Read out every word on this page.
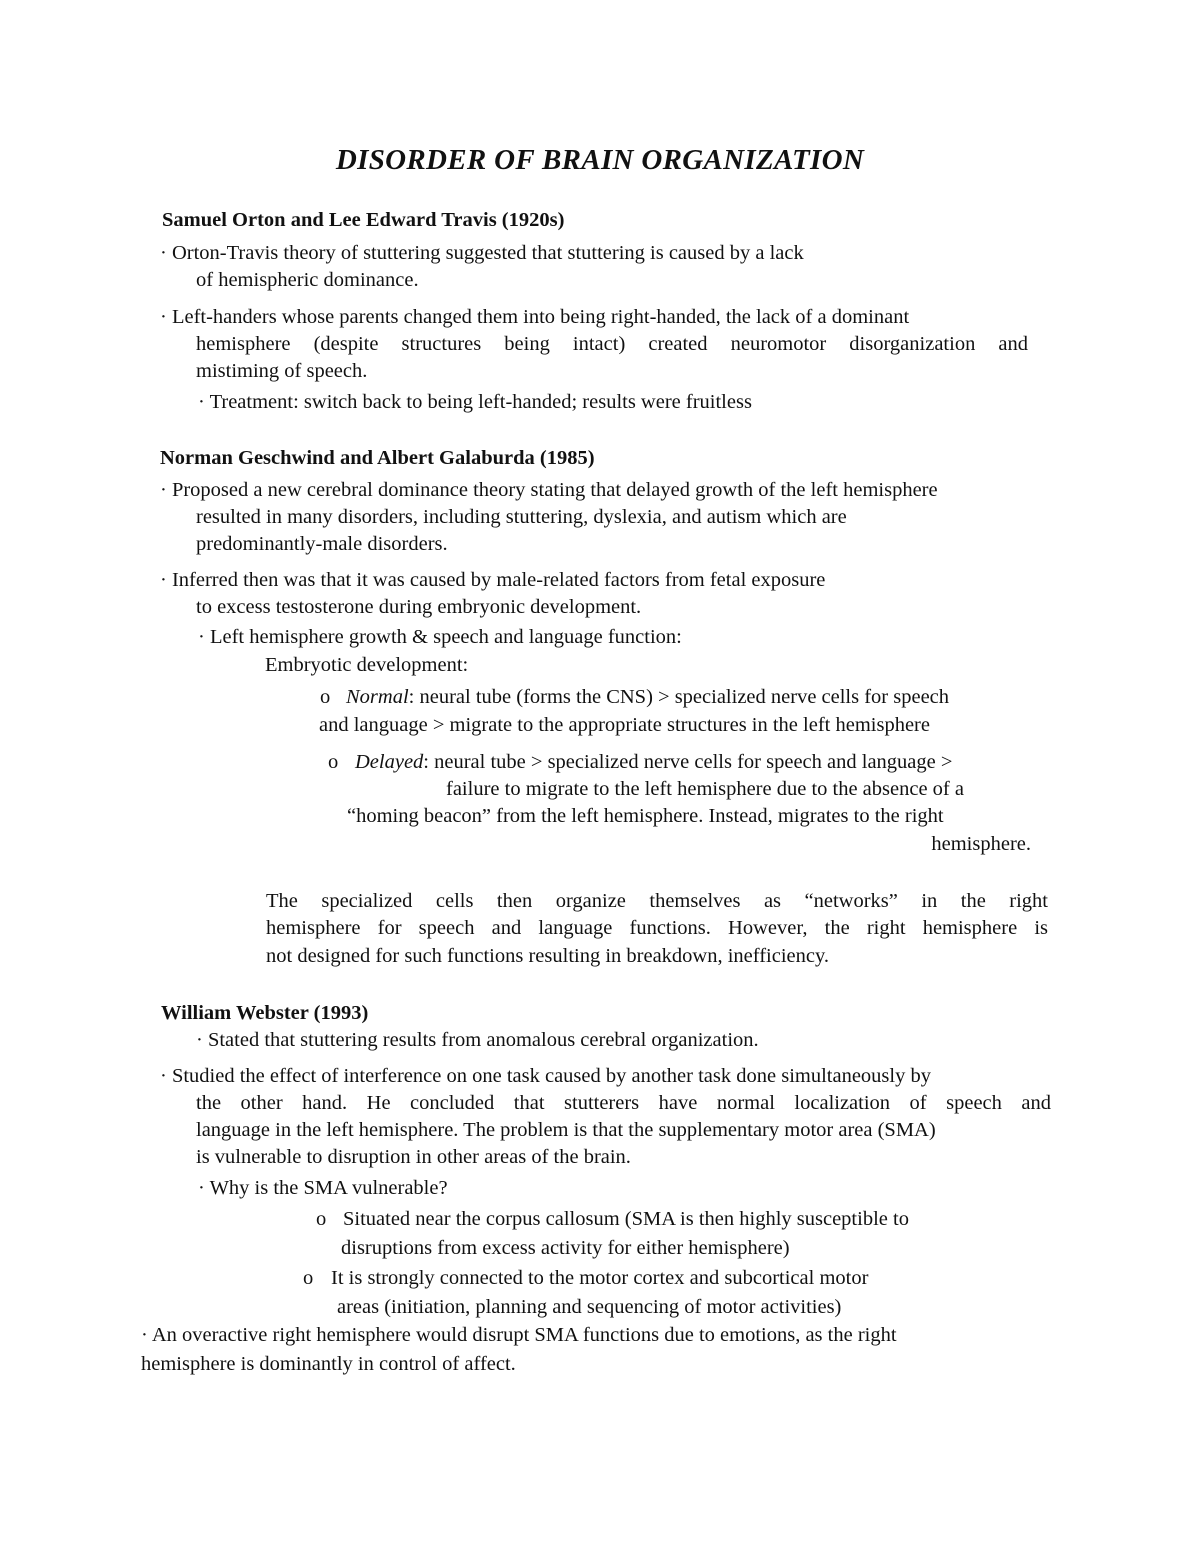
DISORDER OF BRAIN ORGANIZATION
Samuel Orton and Lee Edward Travis (1920s)
· Orton-Travis theory of stuttering suggested that stuttering is caused by a lack
of hemispheric dominance.
· Left-handers whose parents changed them into being right-handed, the lack of a dominant
hemisphere (despite structures being intact) created neuromotor disorganization and
mistiming of speech.
· Treatment: switch back to being left-handed; results were fruitless
Norman Geschwind and Albert Galaburda (1985)
· Proposed a new cerebral dominance theory stating that delayed growth of the left hemisphere
resulted in many disorders, including stuttering, dyslexia, and autism which are
predominantly-male disorders.
· Inferred then was that it was caused by male-related factors from fetal exposure
to excess testosterone during embryonic development.
· Left hemisphere growth & speech and language function:
Embryotic development:
o Normal: neural tube (forms the CNS) > specialized nerve cells for speech
and language > migrate to the appropriate structures in the left hemisphere
o Delayed: neural tube > specialized nerve cells for speech and language >
failure to migrate to the left hemisphere due to the absence of a
“homing beacon” from the left hemisphere. Instead, migrates to the right
hemisphere.
The specialized cells then organize themselves as “networks” in the right
hemisphere for speech and language functions. However, the right hemisphere is
not designed for such functions resulting in breakdown, inefficiency.
William Webster (1993)
· Stated that stuttering results from anomalous cerebral organization.
· Studied the effect of interference on one task caused by another task done simultaneously by
the other hand. He concluded that stutterers have normal localization of speech and
language in the left hemisphere. The problem is that the supplementary motor area (SMA)
is vulnerable to disruption in other areas of the brain.
· Why is the SMA vulnerable?
o Situated near the corpus callosum (SMA is then highly susceptible to
disruptions from excess activity for either hemisphere)
o It is strongly connected to the motor cortex and subcortical motor
areas (initiation, planning and sequencing of motor activities)
· An overactive right hemisphere would disrupt SMA functions due to emotions, as the right
hemisphere is dominantly in control of affect.
